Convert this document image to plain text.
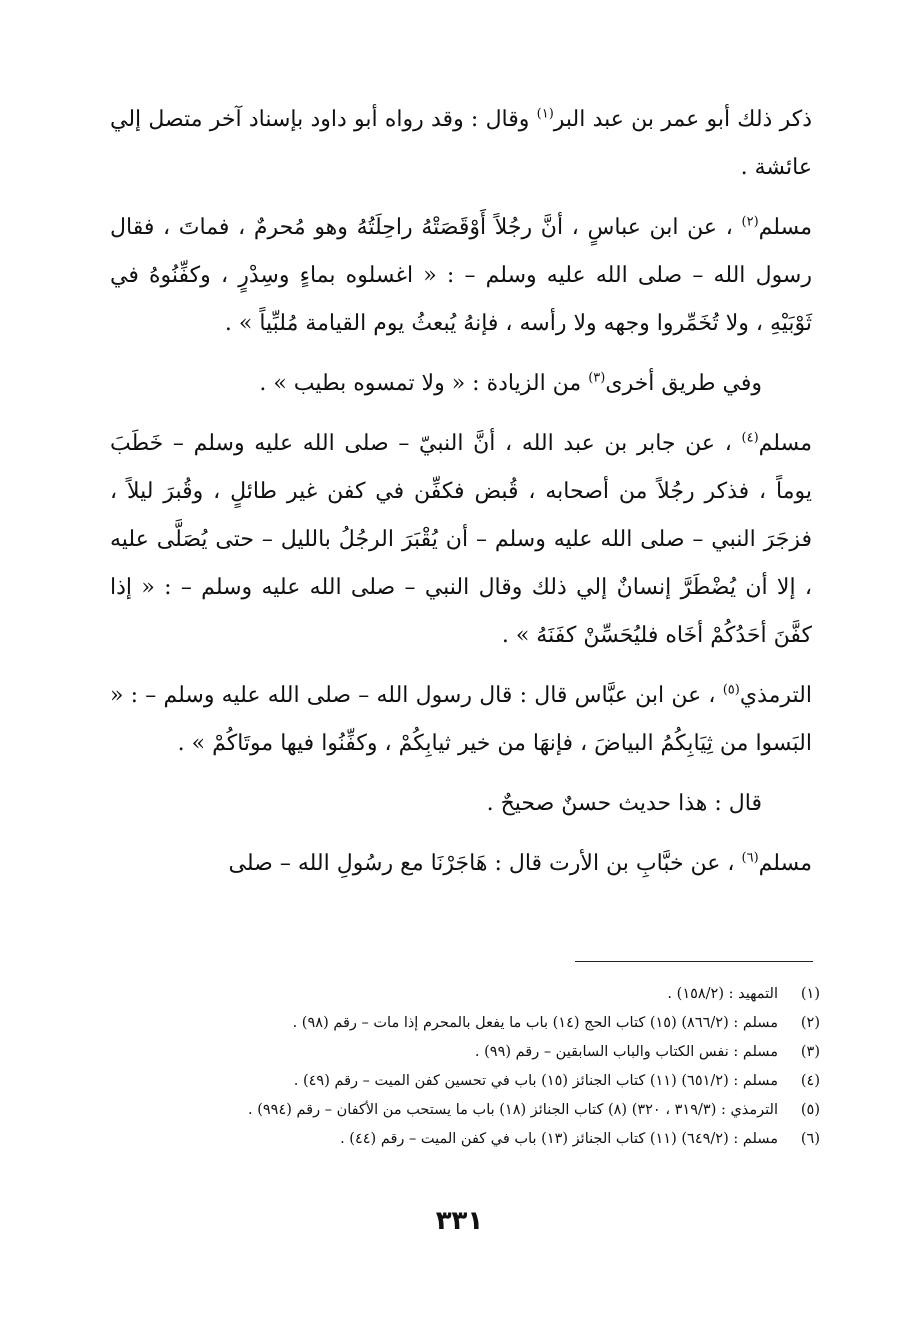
ذكر ذلك أبو عمر بن عبد البر$^{(١)}$ وقال : وقد رواه أبو داود بإسناد آخر متصل إلي عائشة .

مسلم$^{(٢)}$ ، عن ابن عباسٍ ، أنَّ رجُلاً أَوْقَصَتْهُ راحِلَتُهُ وهو مُحرمٌ ، فماتَ ، فقال رسول الله – صلى الله عليه وسلم – : « اغسلوه بماءٍ وسِدْرٍ ، وكفِّنُوهُ في ثَوْبَيْهِ ، ولا تُخَمِّروا وجهه ولا رأسه ، فإنهُ يُبعثُ يوم القيامة مُلبِّياً » .

وفي طريق أخرى$^{(٣)}$ من الزيادة : « ولا تمسوه بطيب » .

مسلم$^{(٤)}$ ، عن جابر بن عبد الله ، أنَّ النبيّ – صلى الله عليه وسلم – خَطَبَ يوماً ، فذكر رجُلاً من أصحابه ، قُبض فكفِّن في كفن غير طائلٍ ، وقُبرَ ليلاً ، فزجَرَ النبي – صلى الله عليه وسلم – أن يُقْبَرَ الرجُلُ بالليل – حتى يُصَلَّى عليه ، إلا أن يُضْطَرَّ إنسانٌ إلي ذلك وقال النبي – صلى الله عليه وسلم – : « إذا كفَّنَ أحَدُكُمْ أخَاه فليُحَسِّنْ كفَنَهُ » .

الترمذي$^{(٥)}$ ، عن ابن عبَّاس قال : قال رسول الله – صلى الله عليه وسلم – : « البَسوا من ثِيَابِكُمُ البياضَ ، فإنهَا من خير ثيابِكُمْ ، وكفِّنُوا فيها موتَاكُمْ » .

قال : هذا حديث حسنٌ صحيحٌ .

مسلم$^{(٦)}$ ، عن خبَّابِ بن الأرت قال : هَاجَرْنَا مع رسُولِ الله – صلى

(١)
التمهيد : (١٥٨/٢) .
(٢)
مسلم : (٨٦٦/٢) (١٥) كتاب الحج (١٤) باب ما يفعل بالمحرم إذا مات – رقم (٩٨) .
(٣)
مسلم : نفس الكتاب والباب السابقين – رقم (٩٩) .
(٤)
مسلم : (٦٥١/٢) (١١) كتاب الجنائز (١٥) باب في تحسين كفن الميت – رقم (٤٩) .
(٥)
الترمذي : (٣١٩/٣ ، ٣٢٠) (٨) كتاب الجنائز (١٨) باب ما يستحب من الأكفان – رقم (٩٩٤) .
(٦)
مسلم : (٦٤٩/٢) (١١) كتاب الجنائز (١٣) باب في كفن الميت – رقم (٤٤) .
٣٣١
